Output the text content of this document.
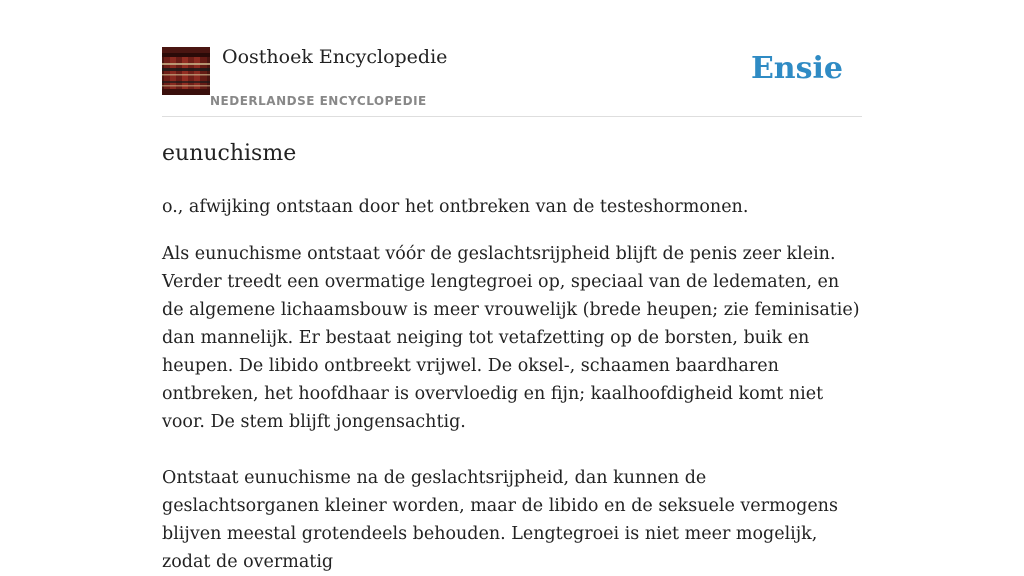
Oosthoek Encyclopedie
NEDERLANDSE ENCYCLOPEDIE
Ensie
eunuchisme

o., afwijking ontstaan door het ontbreken van de testeshormonen.

Als eunuchisme ontstaat vóór de geslachtsrijpheid blijft de penis zeer klein. Verder treedt een overmatige lengtegroei op, speciaal van de ledematen, en de algemene lichaamsbouw is meer vrouwelijk (brede heupen; zie feminisatie) dan mannelijk. Er bestaat neiging tot vetafzetting op de borsten, buik en heupen. De libido ontbreekt vrijwel. De oksel-, schaamen baardharen ontbreken, het hoofdhaar is overvloedig en fijn; kaalhoofdigheid komt niet voor. De stem blijft jongensachtig.

Ontstaat eunuchisme na de geslachtsrijpheid, dan kunnen de geslachtsorganen kleiner worden, maar de libido en de seksuele vermogens blijven meestal grotendeels behouden. Lengtegroei is niet meer mogelijk, zodat de overmatig
